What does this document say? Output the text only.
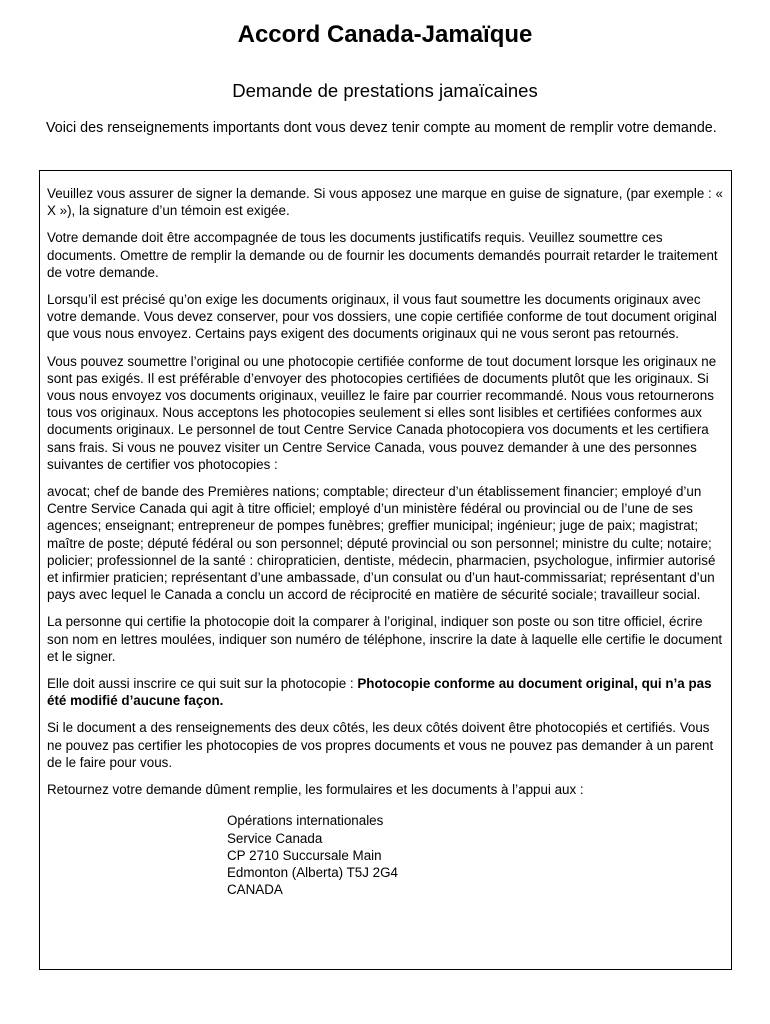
Accord Canada-Jamaïque
Demande de prestations jamaïcaines

Voici des renseignements importants dont vous devez tenir compte au moment de remplir votre demande.

Veuillez vous assurer de signer la demande. Si vous apposez une marque en guise de signature, (par exemple : « X »), la signature d’un témoin est exigée.

Votre demande doit être accompagnée de tous les documents justificatifs requis. Veuillez soumettre ces documents. Omettre de remplir la demande ou de fournir les documents demandés pourrait retarder le traitement de votre demande.

Lorsqu’il est précisé qu’on exige les documents originaux, il vous faut soumettre les documents originaux avec votre demande. Vous devez conserver, pour vos dossiers, une copie certifiée conforme de tout document original que vous nous envoyez. Certains pays exigent des documents originaux qui ne vous seront pas retournés.

Vous pouvez soumettre l’original ou une photocopie certifiée conforme de tout document lorsque les originaux ne sont pas exigés. Il est préférable d’envoyer des photocopies certifiées de documents plutôt que les originaux. Si vous nous envoyez vos documents originaux, veuillez le faire par courrier recommandé. Nous vous retournerons tous vos originaux. Nous acceptons les photocopies seulement si elles sont lisibles et certifiées conformes aux documents originaux. Le personnel de tout Centre Service Canada photocopiera vos documents et les certifiera sans frais. Si vous ne pouvez visiter un Centre Service Canada, vous pouvez demander à une des personnes suivantes de certifier vos photocopies :

avocat; chef de bande des Premières nations; comptable; directeur d’un établissement financier; employé d’un Centre Service Canada qui agit à titre officiel; employé d’un ministère fédéral ou provincial ou de l’une de ses agences; enseignant; entrepreneur de pompes funèbres; greffier municipal; ingénieur; juge de paix; magistrat; maître de poste; député fédéral ou son personnel; député provincial ou son personnel; ministre du culte; notaire; policier; professionnel de la santé : chiropraticien, dentiste, médecin, pharmacien, psychologue, infirmier autorisé et infirmier praticien; représentant d’une ambassade, d’un consulat ou d’un haut-commissariat; représentant d’un pays avec lequel le Canada a conclu un accord de réciprocité en matière de sécurité sociale; travailleur social.

La personne qui certifie la photocopie doit la comparer à l’original, indiquer son poste ou son titre officiel, écrire son nom en lettres moulées, indiquer son numéro de téléphone, inscrire la date à laquelle elle certifie le document et le signer.

Elle doit aussi inscrire ce qui suit sur la photocopie : Photocopie conforme au document original, qui n’a pas été modifié d’aucune façon.

Si le document a des renseignements des deux côtés, les deux côtés doivent être photocopiés et certifiés. Vous ne pouvez pas certifier les photocopies de vos propres documents et vous ne pouvez pas demander à un parent de le faire pour vous.

Retournez votre demande dûment remplie, les formulaires et les documents à l’appui aux :

Opérations internationales
Service Canada
CP 2710 Succursale Main
Edmonton (Alberta) T5J 2G4
CANADA
